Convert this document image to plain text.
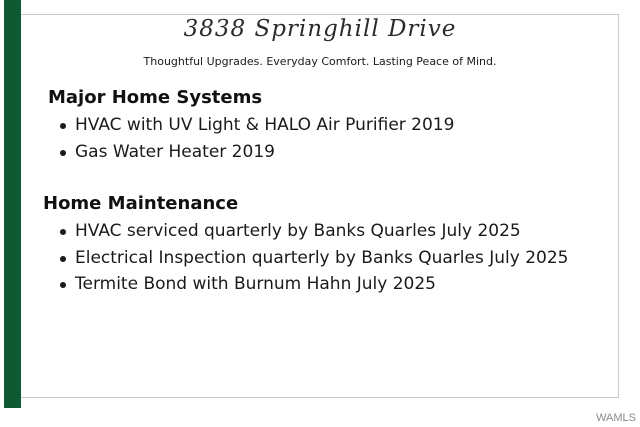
3838 Springhill Drive
Thoughtful Upgrades. Everyday Comfort. Lasting Peace of Mind.
Major Home Systems
HVAC with UV Light & HALO Air Purifier 2019
Gas Water Heater 2019
Home Maintenance
HVAC serviced quarterly by Banks Quarles July 2025
Electrical Inspection quarterly by Banks Quarles July 2025
Termite Bond with Burnum Hahn July 2025
WAMLS
